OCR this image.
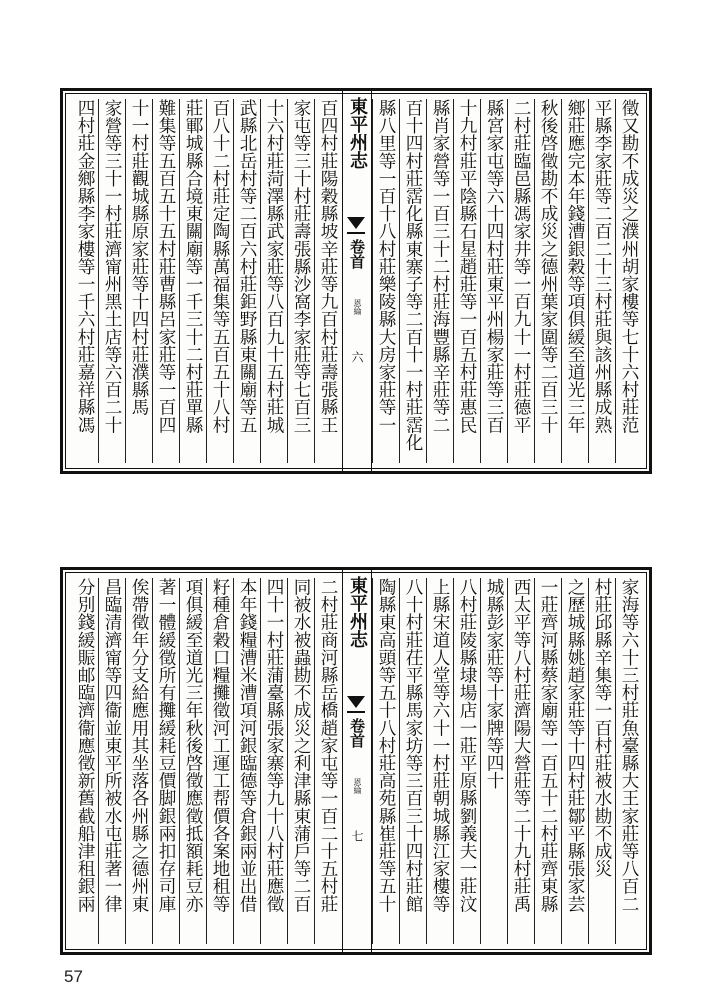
東平州志
卷首
恩綸
六	徵又勘不成災之濮州胡家樓等七十六村莊范
平縣李家莊等二百二十三村莊與該州縣成熟
鄉莊應完本年錢漕銀穀等項俱緩至道光三年
秋後啓徵勘不成災之德州葉家圍等二百三十
二村莊臨邑縣馮家井等一百九十一村莊德平
縣宮家屯等六十四村莊東平州楊家莊等三百
十九村莊平陰縣石星趙莊等一百五村莊惠民
縣肖家營等一百三十二村莊海豐縣辛莊等二
百十四村莊霑化縣東寨子等二百十一村莊霑化
縣八里等一百十八村莊樂陵縣大房家莊等一
百四村莊陽穀縣坡辛莊等九百村莊壽張縣王
家屯等三十村莊壽張縣沙窩李家莊等七百三
十六村莊菏澤縣武家莊等八百九十五村莊城
武縣北岳村等二百六村莊鉅野縣東關廟等五
百八十二村莊定陶縣萬福集等五百五十八村
莊鄆城縣合境東關廟等一千三十二村莊單縣
難集等五百五十五村莊曹縣呂家莊等一百四
十一村莊觀城縣原家莊等十四村莊濮縣馬
家營等三十一村莊濟甯州黑土店等六百二十
四村莊金鄉縣李家樓等一千六村莊嘉祥縣馮
東平州志
卷首
恩綸
七	家海等六十三村莊魚臺縣大王家莊等八百二
村莊邱縣辛集等一百村莊被水勘不成災
之歷城縣姚趙家莊等十四村莊鄒平縣張家芸
一莊齊河縣蔡家廟等一百五十二村莊齊東縣
西太平等八村莊濟陽大營莊等二十九村莊禹
城縣彭家莊等十家牌等四十
八村莊陵縣埭場店一莊平原縣劉義夫一莊汶
上縣宋道人堂等六十一村莊朝城縣江家樓等
八十村莊茌平縣馬家坊等三百三十四村莊館
陶縣東高頭等五十八村莊高苑縣崔莊等五十
二村莊商河縣岳橋趙家屯等一百二十五村莊
同被水被蟲勘不成災之利津縣東蒲戶等二百
四十一村莊蒲臺縣張家寨等九十八村莊應徵
本年錢糧漕米漕項河銀臨德等倉銀兩並出借
籽種倉穀口糧攤徵河工運工帮價各案地租等
項俱緩至道光三年秋後啓徵應徵抵額耗豆亦
著一體緩徵所有攤緩耗豆價脚銀兩扣存司庫
俟帶徵年分支給應用其坐落各州縣之德州東
昌臨清濟甯等四衞並東平所被水屯莊著一律
分別錢緩賑邮臨濟衞應徵新舊截船津租銀兩
57
